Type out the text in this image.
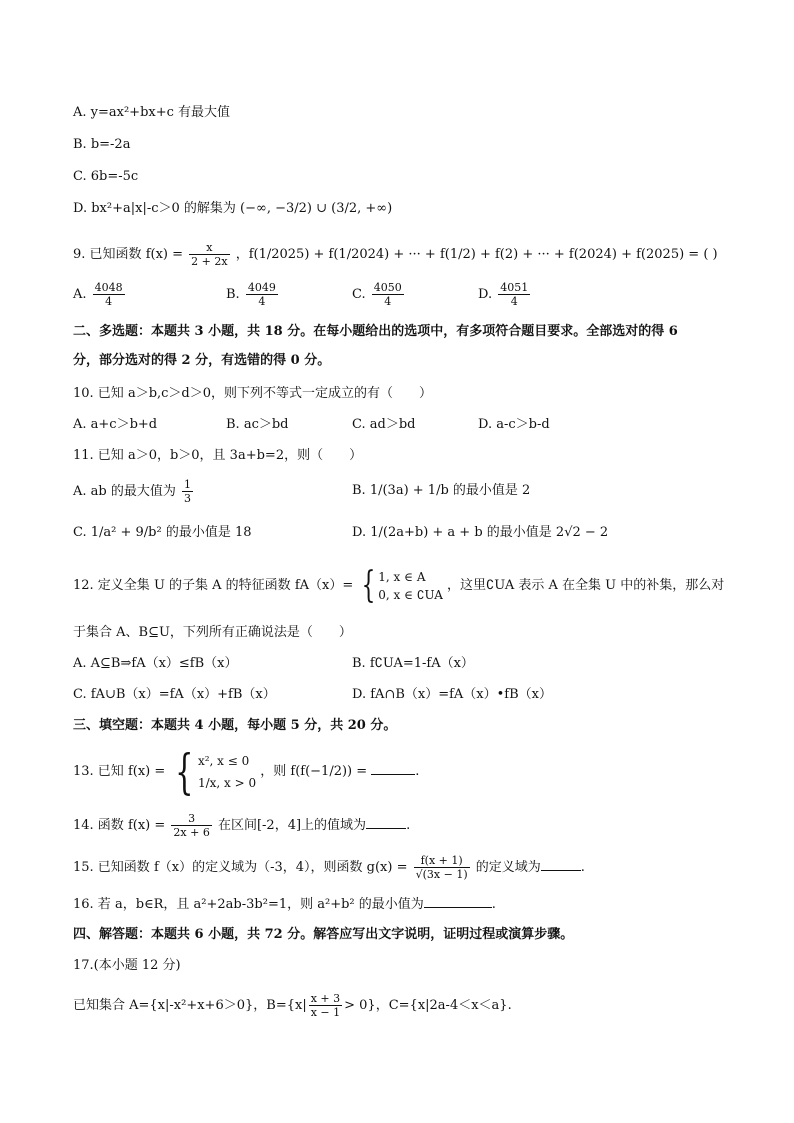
A. y=ax²+bx+c 有最大值
B. b=-2a
C. 6b=-5c
D. bx²+a|x|-c＞0 的解集为 (−∞, −3/2) ∪ (3/2, +∞)
9. 已知函数 $f(x) = \frac{x}{2 + 2x}$ ，f(1/2025) + f(1/2024) + ··· + f(1/2) + f(2) + ··· + f(2024) + f(2025) = ( )
A. $\frac{4048}{4}$	B. $\frac{4049}{4}$	C. $\frac{4050}{4}$	D. $\frac{4051}{4}$
二、多选题：本题共 3 小题，共 18 分。在每小题给出的选项中，有多项符合题目要求。全部选对的得 6
分，部分选对的得 2 分，有选错的得 0 分。
10. 已知 a＞b,c＞d＞0，则下列不等式一定成立的有（　　）
A. a+c＞b+d	B. ac＞bd	C. ad＞bd	D. a-c＞b-d
11. 已知 a＞0，b＞0，且 3a+b=2，则（　　）
A. ab 的最大值为 $\frac{1}{3}$	B. 1/(3a) + 1/b 的最小值是 2
C. 1/a² + 9/b² 的最小值是 18	D. 1/(2a+b) + a + b 的最小值是 2√2 − 2
12. 定义全集 U 的子集 A 的特征函数 fA（x）= { 1, x ∈ A
0, x ∈ ∁UA
，这里∁UA 表示 A 在全集 U 中的补集，那么对
于集合 A、B⊆U，下列所有正确说法是（　　）
A. A⊆B⇒fA（x）≤fB（x）	B. f∁UA=1-fA（x）
C. fA∪B（x）=fA（x）+fB（x）	D. fA∩B（x）=fA（x）•fB（x）
三、填空题：本题共 4 小题，每小题 5 分，共 20 分。
13. 已知 f(x) = { x², x ≤ 0
1/x, x > 0
，则 f(f(−1/2)) =	.
14. 函数 $f(x) = \frac{3}{2x + 6}$ 在区间[-2，4]上的值域为	.
15. 已知函数 f（x）的定义域为（-3，4），则函数 $g(x) = \frac{f(x + 1)}{√(3x - 1)}$ 的定义域为	.
16. 若 a，b∈R，且 a²+2ab-3b²=1，则 a²+b² 的最小值为	.
四、解答题：本题共 6 小题，共 72 分。解答应写出文字说明，证明过程或演算步骤。
17.(本小题 12 分)
已知集合 A={x|-x²+x+6＞0}，$B=\{x| \frac{x + 3}{x - 1} > 0\}$，C={x|2a-4＜x＜a}.
